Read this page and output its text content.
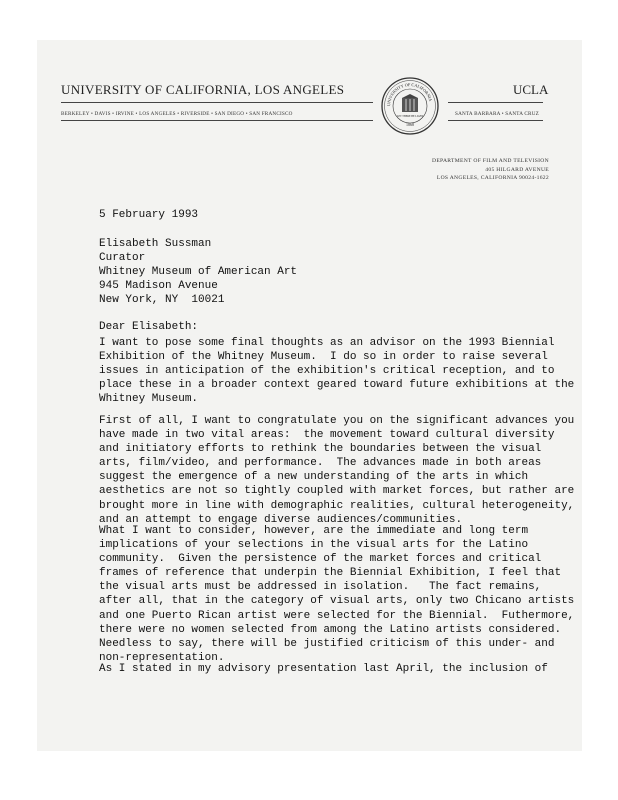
UNIVERSITY OF CALIFORNIA, LOS ANGELES	UCLA
BERKELEY • DAVIS • IRVINE • LOS ANGELES • RIVERSIDE • SAN DIEGO • SAN FRANCISCO	SANTA BARBARA • SANTA CRUZ
UNIVERSITY OF CALIFORNIA
LET THERE BE LIGHT
1868
DEPARTMENT OF FILM AND TELEVISION
405 HILGARD AVENUE
LOS ANGELES, CALIFORNIA 90024-1622
5 February 1993
Elisabeth Sussman
Curator
Whitney Museum of American Art
945 Madison Avenue
New York, NY  10021
Dear Elisabeth:
I want to pose some final thoughts as an advisor on the 1993 Biennial
Exhibition of the Whitney Museum.  I do so in order to raise several
issues in anticipation of the exhibition's critical reception, and to
place these in a broader context geared toward future exhibitions at the
Whitney Museum.
First of all, I want to congratulate you on the significant advances you
have made in two vital areas:  the movement toward cultural diversity
and initiatory efforts to rethink the boundaries between the visual
arts, film/video, and performance.  The advances made in both areas
suggest the emergence of a new understanding of the arts in which
aesthetics are not so tightly coupled with market forces, but rather are
brought more in line with demographic realities, cultural heterogeneity,
and an attempt to engage diverse audiences/communities.
What I want to consider, however, are the immediate and long term
implications of your selections in the visual arts for the Latino
community.  Given the persistence of the market forces and critical
frames of reference that underpin the Biennial Exhibition, I feel that
the visual arts must be addressed in isolation.   The fact remains,
after all, that in the category of visual arts, only two Chicano artists
and one Puerto Rican artist were selected for the Biennial.  Futhermore,
there were no women selected from among the Latino artists considered.
Needless to say, there will be justified criticism of this under- and
non-representation.
As I stated in my advisory presentation last April, the inclusion of
